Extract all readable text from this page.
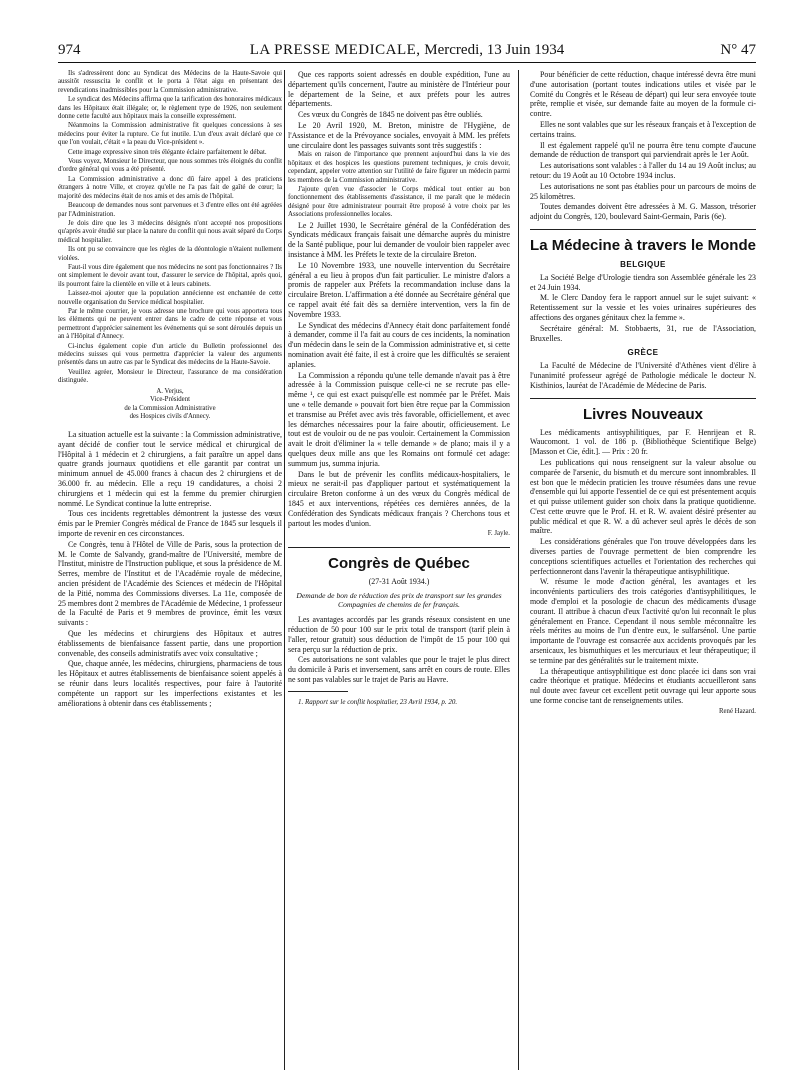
974	LA PRESSE MEDICALE, Mercredi, 13 Juin 1934	N° 47

Ils s'adressèrent donc au Syndicat des Médecins de la Haute-Savoie qui aussitôt ressuscita le conflit et le porta à l'état aigu en présentant des revendications inadmissibles pour la Commission administrative.

Le syndicat des Médecins affirma que la tarification des honoraires médicaux dans les Hôpitaux était illégale; or, le règlement type de 1926, non seulement donne cette faculté aux hôpitaux mais la conseille expressément.

Néanmoins la Commission administrative fit quelques concessions à ses médecins pour éviter la rupture. Ce fut inutile. L'un d'eux avait déclaré que ce que l'on voulait, c'était « la peau du Vice-président ».

Cette image expressive sinon très élégante éclaire parfaitement le débat.

Vous voyez, Monsieur le Directeur, que nous sommes très éloignés du conflit d'ordre général qui vous a été présenté.

La Commission administrative a donc dû faire appel à des praticiens étrangers à notre Ville, et croyez qu'elle ne l'a pas fait de gaîté de cœur; la majorité des médecins était de nos amis et des amis de l'hôpital.

Beaucoup de demandes nous sont parvenues et 3 d'entre elles ont été agréées par l'Administration.

Je dois dire que les 3 médecins désignés n'ont accepté nos propositions qu'après avoir étudié sur place la nature du conflit qui nous avait séparé du Corps médical hospitalier.

Ils ont pu se convaincre que les règles de la déontologie n'étaient nullement violées.

Faut-il vous dire également que nos médecins ne sont pas fonctionnaires ? Ils ont simplement le devoir avant tout, d'assurer le service de l'hôpital, après quoi, ils pourront faire la clientèle en ville et à leurs cabinets.

Laissez-moi ajouter que la population annécienne est enchantée de cette nouvelle organisation du Service médical hospitalier.

Par le même courrier, je vous adresse une brochure qui vous apportera tous les éléments qui ne peuvent entrer dans le cadre de cette réponse et vous permettront d'apprécier sainement les événements qui se sont déroulés depuis un an à l'Hôpital d'Annecy.

Ci-inclus également copie d'un article du Bulletin professionnel des médecins suisses qui vous permettra d'apprécier la valeur des arguments présentés dans un autre cas par le Syndicat des médecins de la Haute-Savoie.

Veuillez agréer, Monsieur le Directeur, l'assurance de ma considération distinguée.

A. Verjus,
Vice-Président
de la Commission Administrative
des Hospices civils d'Annecy.

La situation actuelle est la suivante : la Commission administrative, ayant décidé de confier tout le service médical et chirurgical de l'Hôpital à 1 médecin et 2 chirurgiens, a fait paraître un appel dans quatre grands journaux quotidiens et elle garantit par contrat un minimum annuel de 45.000 francs à chacun des 2 chirurgiens et de 36.000 fr. au médecin. Elle a reçu 19 candidatures, a choisi 2 chirurgiens et 1 médecin qui est la femme du premier chirurgien nommé. Le Syndicat continue la lutte entreprise.

Tous ces incidents regrettables démontrent la justesse des vœux émis par le Premier Congrès médical de France de 1845 sur lesquels il importe de revenir en ces circonstances.

Ce Congrès, tenu à l'Hôtel de Ville de Paris, sous la protection de M. le Comte de Salvandy, grand-maître de l'Université, membre de l'Institut, ministre de l'Instruction publique, et sous la présidence de M. Serres, membre de l'Institut et de l'Académie royale de médecine, ancien président de l'Académie des Sciences et médecin de l'Hôpital de la Pitié, nomma des Commissions diverses. La 11e, composée de 25 membres dont 2 membres de l'Académie de Médecine, 1 professeur de la Faculté de Paris et 9 membres de province, émit les vœux suivants :

Que les médecins et chirurgiens des Hôpitaux et autres établissements de bienfaisance fassent partie, dans une proportion convenable, des conseils administratifs avec voix consultative ;

Que, chaque année, les médecins, chirurgiens, pharmaciens de tous les Hôpitaux et autres établissements de bienfaisance soient appelés à se réunir dans leurs localités respectives, pour faire à l'autorité compétente un rapport sur les imperfections existantes et les améliorations à obtenir dans ces établissements ;

Que ces rapports soient adressés en double expédition, l'une au département qu'ils concernent, l'autre au ministère de l'Intérieur pour le département de la Seine, et aux préfets pour les autres départements.

Ces vœux du Congrès de 1845 ne doivent pas être oubliés.

Le 20 Avril 1920, M. Breton, ministre de l'Hygiène, de l'Assistance et de la Prévoyance sociales, envoyait à MM. les préfets une circulaire dont les passages suivants sont très suggestifs :

Mais en raison de l'importance que prennent aujourd'hui dans la vie des hôpitaux et des hospices les questions purement techniques, je crois devoir, cependant, appeler votre attention sur l'utilité de faire figurer un médecin parmi les membres de la Commission administrative.

J'ajoute qu'en vue d'associer le Corps médical tout entier au bon fonctionnement des établissements d'assistance, il me paraît que le médecin désigné pour être administrateur pourrait être proposé à votre choix par les Associations professionnelles locales.

Le 2 Juillet 1930, le Secrétaire général de la Confédération des Syndicats médicaux français faisait une démarche auprès du ministre de la Santé publique, pour lui demander de vouloir bien rappeler avec insistance à MM. les Préfets le texte de la circulaire Breton.

Le 10 Novembre 1933, une nouvelle intervention du Secrétaire général a eu lieu à propos d'un fait particulier. Le ministre d'alors a promis de rappeler aux Préfets la recommandation incluse dans la circulaire Breton. L'affirmation a été donnée au Secrétaire général que ce rappel avait été fait dès sa dernière intervention, vers la fin de Novembre 1933.

Le Syndicat des médecins d'Annecy était donc parfaitement fondé à demander, comme il l'a fait au cours de ces incidents, la nomination d'un médecin dans le sein de la Commission administrative et, si cette nomination avait été faite, il est à croire que les difficultés se seraient aplanies.

La Commission a répondu qu'une telle demande n'avait pas à être adressée à la Commission puisque celle-ci ne se recrute pas elle-même ¹, ce qui est exact puisqu'elle est nommée par le Préfet. Mais une « telle demande » pouvait fort bien être reçue par la Commission et transmise au Préfet avec avis très favorable, officiellement, et avec les démarches nécessaires pour la faire aboutir, officieusement. Le tout est de vouloir ou de ne pas vouloir. Certainement la Commission avait le droit d'éliminer la « telle demande » de plano; mais il y a quelques deux mille ans que les Romains ont formulé cet adage: summum jus, summa injuria.

Dans le but de prévenir les conflits médicaux-hospitaliers, le mieux ne serait-il pas d'appliquer partout et systématiquement la circulaire Breton conforme à un des vœux du Congrès médical de 1845 et aux interventions, répétées ces dernières années, de la Confédération des Syndicats médicaux français ? Cherchons tous et partout les modes d'union.

F. Jayle.
Congrès de Québec

(27-31 Août 1934.)

Demande de bon de réduction des prix de transport sur les grandes Compagnies de chemins de fer français.

Les avantages accordés par les grands réseaux consistent en une réduction de 50 pour 100 sur le prix total de transport (tarif plein à l'aller, retour gratuit) sous déduction de l'impôt de 15 pour 100 qui sera perçu sur la réduction de prix.

Ces autorisations ne sont valables que pour le trajet le plus direct du domicile à Paris et inversement, sans arrêt en cours de route. Elles ne sont pas valables sur le trajet de Paris au Havre.

1. Rapport sur le conflit hospitalier, 23 Avril 1934, p. 20.

Pour bénéficier de cette réduction, chaque intéressé devra être muni d'une autorisation (portant toutes indications utiles et visée par le Comité du Congrès et le Réseau de départ) qui leur sera envoyée toute prête, remplie et visée, sur demande faite au moyen de la formule ci-contre.

Elles ne sont valables que sur les réseaux français et à l'exception de certains trains.

Il est également rappelé qu'il ne pourra être tenu compte d'aucune demande de réduction de transport qui parviendrait après le 1er Août.

Les autorisations sont valables : à l'aller du 14 au 19 Août inclus; au retour: du 19 Août au 10 Octobre 1934 inclus.

Les autorisations ne sont pas établies pour un parcours de moins de 25 kilomètres.

Toutes demandes doivent être adressées à M. G. Masson, trésorier adjoint du Congrès, 120, boulevard Saint-Germain, Paris (6e).

La Médecine à travers le Monde
BELGIQUE

La Société Belge d'Urologie tiendra son Assemblée générale les 23 et 24 Juin 1934.

M. le Clerc Dandoy fera le rapport annuel sur le sujet suivant: « Retentissement sur la vessie et les voies urinaires supérieures des affections des organes génitaux chez la femme ».

Secrétaire général: M. Stobbaerts, 31, rue de l'Association, Bruxelles.

GRÈCE

La Faculté de Médecine de l'Université d'Athènes vient d'élire à l'unanimité professeur agrégé de Pathologie médicale le docteur N. Kisthinios, lauréat de l'Académie de Médecine de Paris.

Livres Nouveaux

Les médicaments antisyphilitiques, par F. Henrijean et R. Waucomont. 1 vol. de 186 p. (Bibliothèque Scientifique Belge) [Masson et Cie, édit.]. — Prix : 20 fr.

Les publications qui nous renseignent sur la valeur absolue ou comparée de l'arsenic, du bismuth et du mercure sont innombrables. Il est bon que le médecin praticien les trouve résumées dans une revue d'ensemble qui lui apporte l'essentiel de ce qui est présentement acquis et qui puisse utilement guider son choix dans la pratique quotidienne. C'est cette œuvre que le Prof. H. et R. W. avaient désiré présenter au public médical et que R. W. a dû achever seul après le décès de son maître.

Les considérations générales que l'on trouve développées dans les diverses parties de l'ouvrage permettent de bien comprendre les conceptions scientifiques actuelles et l'orientation des recherches qui perfectionneront dans l'avenir la thérapeutique antisyphilitique.

W. résume le mode d'action général, les avantages et les inconvénients particuliers des trois catégories d'antisyphilitiques, le mode d'emploi et la posologie de chacun des médicaments d'usage courant. Il attribue à chacun d'eux l'activité qu'on lui reconnaît le plus généralement en France. Cependant il nous semble méconnaître les réels mérites au moins de l'un d'entre eux, le sulfarsénol. Une partie importante de l'ouvrage est consacrée aux accidents provoqués par les arsenicaux, les bismuthiques et les mercuriaux et leur thérapeutique; il se termine par des généralités sur le traitement mixte.

La thérapeutique antisyphilitique est donc placée ici dans son vrai cadre théorique et pratique. Médecins et étudiants accueilleront sans nul doute avec faveur cet excellent petit ouvrage qui leur apporte sous une forme concise tant de renseignements utiles.

René Hazard.
